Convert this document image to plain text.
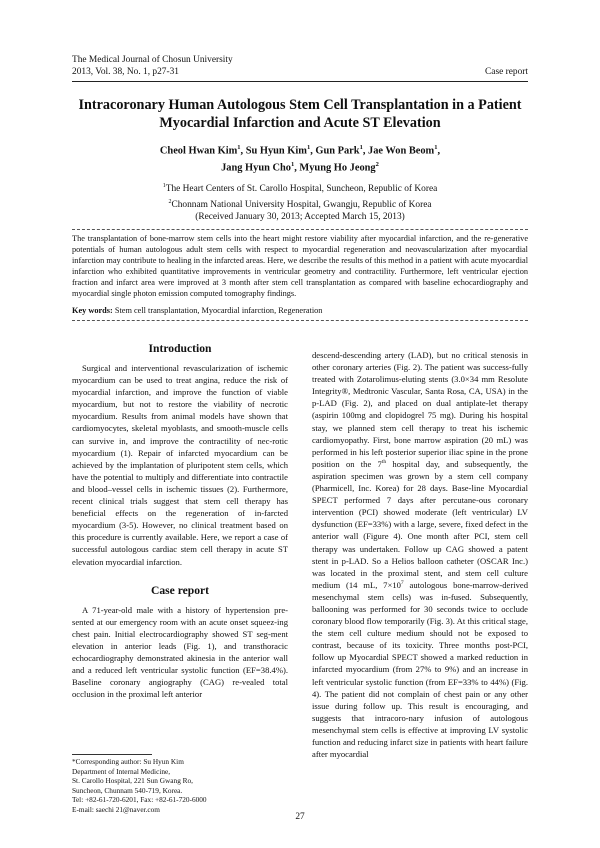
The Medical Journal of Chosun University
2013, Vol. 38, No. 1, p27-31	Case report
Intracoronary Human Autologous Stem Cell Transplantation in a Patient Myocardial Infarction and Acute ST Elevation
Cheol Hwan Kim$^1$, Su Hyun Kim$^1$, Gun Park$^1$, Jae Won Beom$^1$,
Jang Hyun Cho$^1$, Myung Ho Jeong$^2$
$^1$The Heart Centers of St. Carollo Hospital, Suncheon, Republic of Korea
$^2$Chonnam National University Hospital, Gwangju, Republic of Korea
(Received January 30, 2013; Accepted March 15, 2013)

The transplantation of bone-marrow stem cells into the heart might restore viability after myocardial infarction, and the re-generative potentials of human autologous adult stem cells with respect to myocardial regeneration and neovascularization after myocardial infarction may contribute to healing in the infarcted areas. Here, we describe the results of this method in a patient with acute myocardial infarction who exhibited quantitative improvements in ventricular geometry and contractility. Furthermore, left ventricular ejection fraction and infarct area were improved at 3 month after stem cell transplantation as compared with baseline echocardiography and myocardial single photon emission computed tomography findings.

Key words: Stem cell transplantation, Myocardial infarction, Regeneration

Introduction

Surgical and interventional revascularization of ischemic myocardium can be used to treat angina, reduce the risk of myocardial infarction, and improve the function of viable myocardium, but not to restore the viability of necrotic myocardium. Results from animal models have shown that cardiomyocytes, skeletal myoblasts, and smooth-muscle cells can survive in, and improve the contractility of nec-rotic myocardium (1). Repair of infarcted myocardium can be achieved by the implantation of pluripotent stem cells, which have the potential to multiply and differentiate into contractile and blood–vessel cells in ischemic tissues (2). Furthermore, recent clinical trials suggest that stem cell therapy has beneficial effects on the regeneration of in-farcted myocardium (3-5). However, no clinical treatment based on this procedure is currently available. Here, we report a case of successful autologous cardiac stem cell therapy in acute ST elevation myocardial infarction.

Case report

A 71-year-old male with a history of hypertension pre-sented at our emergency room with an acute onset squeez-ing chest pain. Initial electrocardiography showed ST seg-ment elevation in anterior leads (Fig. 1), and transthoracic echocardiography demonstrated akinesia in the anterior wall and a reduced left ventricular systolic function (EF=38.4%). Baseline coronary angiography (CAG) re-vealed total occlusion in the proximal left anterior

descend-descending artery (LAD), but no critical stenosis in other coronary arteries (Fig. 2). The patient was success-fully treated with Zotarolimus-eluting stents (3.0×34 mm Resolute Integrity®, Medtronic Vascular, Santa Rosa, CA, USA) in the p-LAD (Fig. 2), and placed on dual antiplate-let therapy (aspirin 100mg and clopidogrel 75 mg). During his hospital stay, we planned stem cell therapy to treat his ischemic cardiomyopathy. First, bone marrow aspiration (20 mL) was performed in his left posterior superior iliac spine in the prone position on the 7th hospital day, and subsequently, the aspiration specimen was grown by a stem cell company (Pharmicell, Inc. Korea) for 28 days. Base-line Myocardial SPECT performed 7 days after percutane-ous coronary intervention (PCI) showed moderate (left ventricular) LV dysfunction (EF=33%) with a large, severe, fixed defect in the anterior wall (Figure 4). One month after PCI, stem cell therapy was undertaken. Follow up CAG showed a patent stent in p-LAD. So a Helios balloon catheter (OSCAR Inc.) was located in the proximal stent, and stem cell culture medium (14 mL, $7\times 10^7$ autologous bone-marrow-derived mesenchymal stem cells) was in-fused. Subsequently, ballooning was performed for 30 seconds twice to occlude coronary blood flow temporarily (Fig. 3). At this critical stage, the stem cell culture medium should not be exposed to contrast, because of its toxicity. Three months post-PCI, follow up Myocardial SPECT showed a marked reduction in infarcted myocardium (from 27% to 9%) and an increase in left ventricular systolic function (from EF=33% to 44%) (Fig. 4). The patient did not complain of chest pain or any other issue during follow up. This result is encouraging, and suggests that intracoro-nary infusion of autologous mesenchymal stem cells is effective at improving LV systolic function and reducing infarct size in patients with heart failure after myocardial

*Corresponding author: Su Hyun Kim
Department of Internal Medicine,
St. Carollo Hospital, 221 Sun Gwang Ro,
Suncheon, Chunnam 540-719, Korea.
Tel: +82-61-720-6201, Fax: +82-61-720-6000
E-mail: saechi 21@naver.com
27
